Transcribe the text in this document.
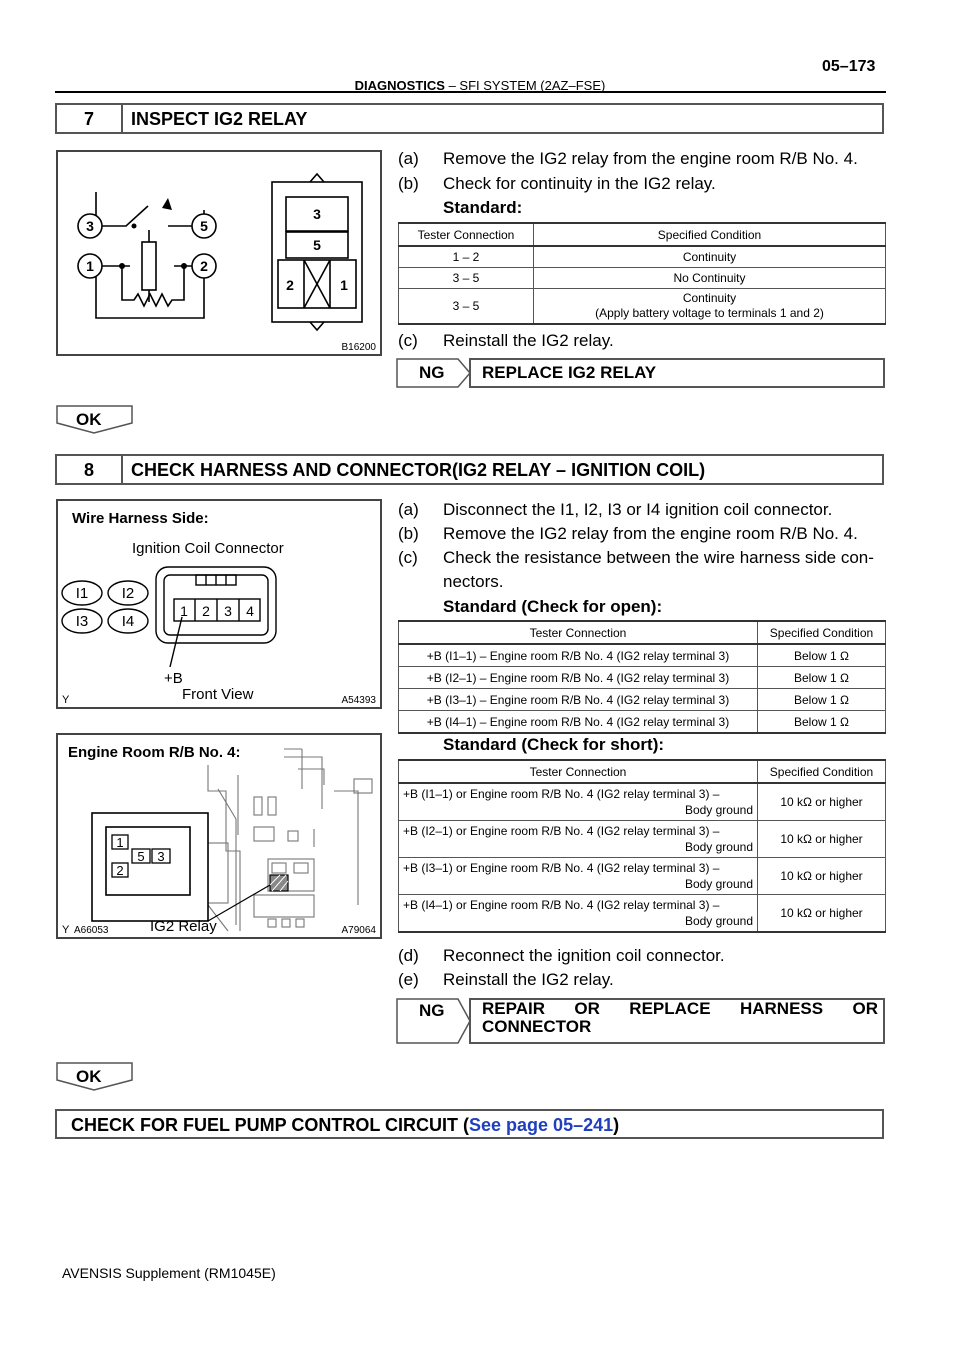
05–173
DIAGNOSTICS – SFI SYSTEM (2AZ–FSE)
7	INSPECT IG2 RELAY
3	5
1	2
3
5
2	1
B16200
(a) Remove the IG2 relay from the engine room R/B No. 4.
(b) Check for continuity in the IG2 relay.
Standard:
Tester Connection	Specified Condition
1 – 2	Continuity
3 – 5	No Continuity
3 – 5	Continuity
(Apply battery voltage to terminals 1 and 2)
(c) Reinstall the IG2 relay.
NG REPLACE IG2 RELAY
OK
8	CHECK HARNESS AND CONNECTOR(IG2 RELAY – IGNITION COIL)
Wire Harness Side:
Ignition Coil Connector
I1 I2
I3 I4
1 2 3 4
+B
Front View
Y	A54393
Engine Room R/B No. 4:
1
2
5 3
IG2 Relay
Y A66053	A79064
(a) Disconnect the I1, I2, I3 or I4 ignition coil connector.
(b) Remove the IG2 relay from the engine room R/B No. 4.
(c) Check the resistance between the wire harness side con-
nectors.
Standard (Check for open):
Tester Connection	Specified Condition
+B (I1–1) – Engine room R/B No. 4 (IG2 relay terminal 3)	Below 1 Ω
+B (I2–1) – Engine room R/B No. 4 (IG2 relay terminal 3)	Below 1 Ω
+B (I3–1) – Engine room R/B No. 4 (IG2 relay terminal 3)	Below 1 Ω
+B (I4–1) – Engine room R/B No. 4 (IG2 relay terminal 3)	Below 1 Ω
Standard (Check for short):
Tester Connection	Specified Condition

+B (I1–1) or Engine room R/B No. 4 (IG2 relay terminal 3) –
Body ground	10 kΩ or higher

+B (I2–1) or Engine room R/B No. 4 (IG2 relay terminal 3) –
Body ground	10 kΩ or higher

+B (I3–1) or Engine room R/B No. 4 (IG2 relay terminal 3) –
Body ground	10 kΩ or higher

+B (I4–1) or Engine room R/B No. 4 (IG2 relay terminal 3) –
Body ground	10 kΩ or higher
(d) Reconnect the ignition coil connector.
(e) Reinstall the IG2 relay.
NG REPAIR OR REPLACE HARNESS OR
CONNECTOR
OK
CHECK FOR FUEL PUMP CONTROL CIRCUIT (See page 05–241)
AVENSIS Supplement (RM1045E)
